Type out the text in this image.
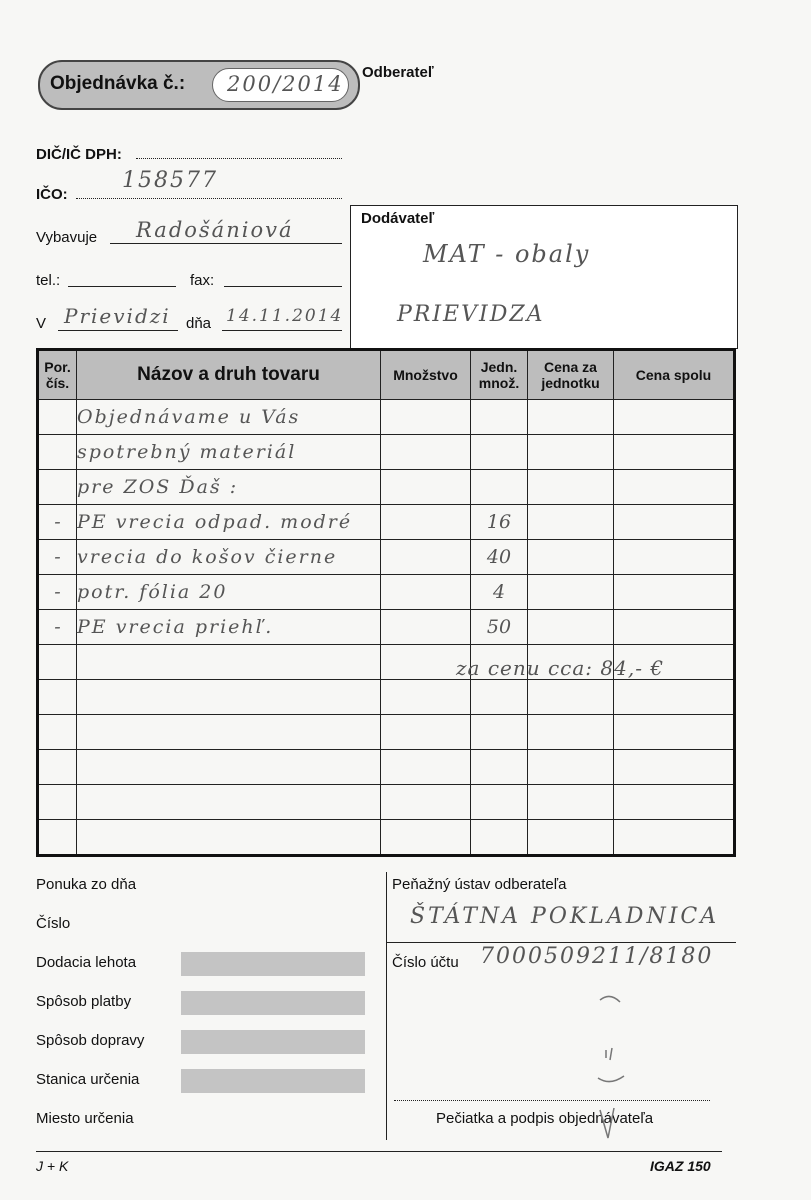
Objednávka č.: 200/2014 Odberateľ
DIČ/IČ DPH:
IČO:
158577
Vybavuje Radošániová
tel.:	fax:
V Prievidzi dňa 14.11.2014
Dodávateľ
MAT - obaly
PRIEVIDZA
Por. čís.	Názov a druh tovaru	Množstvo	Jedn. množ.	Cena za jednotku	Cena spolu
	Objednávame u Vás				
	spotrebný materiál				
	pre ZOS Ďaš :				
-	PE vrecia odpad. modré		16		
-	vrecia do košov čierne		40		
-	potr. fólia 20		4		
-	PE vrecia priehľ.		50		

za cenu cca: 84,- €
Ponuka zo dňa
Číslo
Dodacia lehota
Spôsob platby
Spôsob dopravy
Stanica určenia
Miesto určenia
Peňažný ústav odberateľa
ŠTÁTNA POKLADNICA
Číslo účtu 7000509211/8180
Pečiatka a podpis objednávateľa
J + K	IGAZ 150
